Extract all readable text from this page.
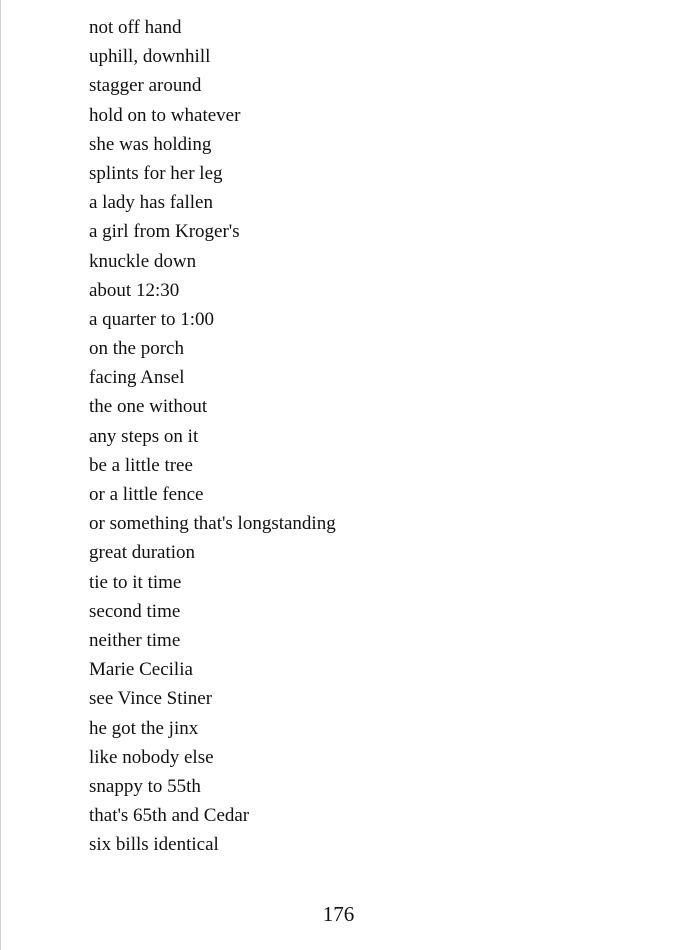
not off hand
uphill, downhill
stagger around
hold on to whatever
she was holding
splints for her leg
a lady has fallen
a girl from Kroger's
knuckle down
about 12:30
a quarter to 1:00
on the porch
facing Ansel
the one without
any steps on it
be a little tree
or a little fence
or something that's longstanding
great duration
tie to it time
second time
neither time
Marie Cecilia
see Vince Stiner
he got the jinx
like nobody else
snappy to 55th
that's 65th and Cedar
six bills identical
176
